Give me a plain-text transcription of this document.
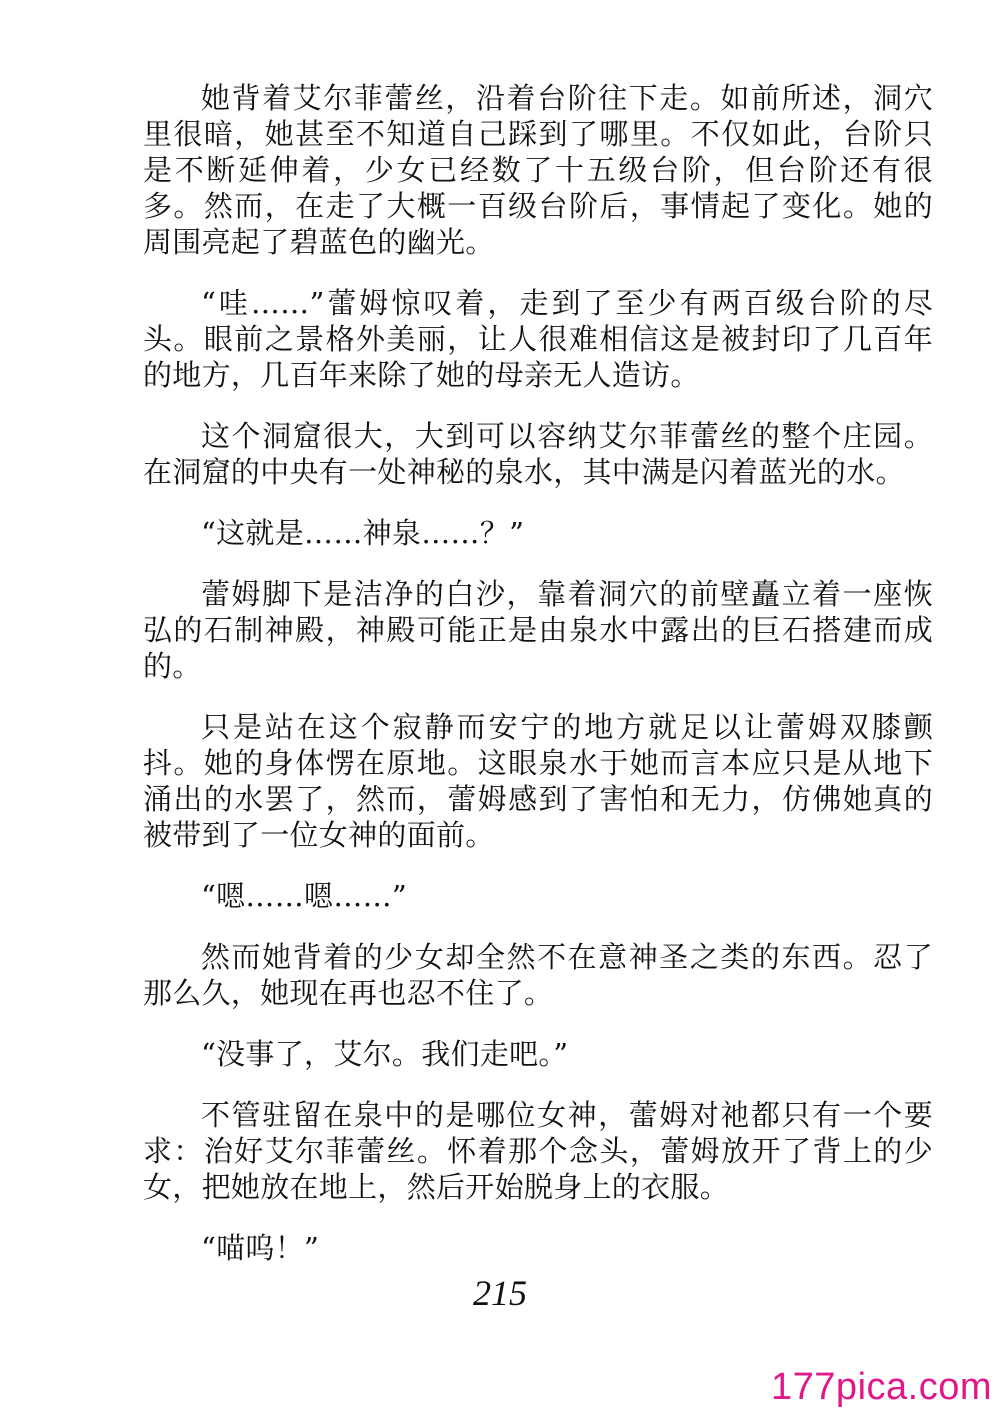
她背着艾尔菲蕾丝，沿着台阶往下走。如前所述，洞穴里很暗，她甚至不知道自己踩到了哪里。不仅如此，台阶只是不断延伸着，少女已经数了十五级台阶，但台阶还有很多。然而，在走了大概一百级台阶后，事情起了变化。她的周围亮起了碧蓝色的幽光。

“哇……”蕾姆惊叹着，走到了至少有两百级台阶的尽头。眼前之景格外美丽，让人很难相信这是被封印了几百年的地方，几百年来除了她的母亲无人造访。

这个洞窟很大，大到可以容纳艾尔菲蕾丝的整个庄园。在洞窟的中央有一处神秘的泉水，其中满是闪着蓝光的水。

“这就是……神泉……？”

蕾姆脚下是洁净的白沙，靠着洞穴的前壁矗立着一座恢弘的石制神殿，神殿可能正是由泉水中露出的巨石搭建而成的。

只是站在这个寂静而安宁的地方就足以让蕾姆双膝颤抖。她的身体愣在原地。这眼泉水于她而言本应只是从地下涌出的水罢了，然而，蕾姆感到了害怕和无力，仿佛她真的被带到了一位女神的面前。

“嗯……嗯……”

然而她背着的少女却全然不在意神圣之类的东西。忍了那么久，她现在再也忍不住了。

“没事了，艾尔。我们走吧。”

不管驻留在泉中的是哪位女神，蕾姆对祂都只有一个要求：治好艾尔菲蕾丝。怀着那个念头，蕾姆放开了背上的少女，把她放在地上，然后开始脱身上的衣服。

“喵呜！”

215
177pica.com
